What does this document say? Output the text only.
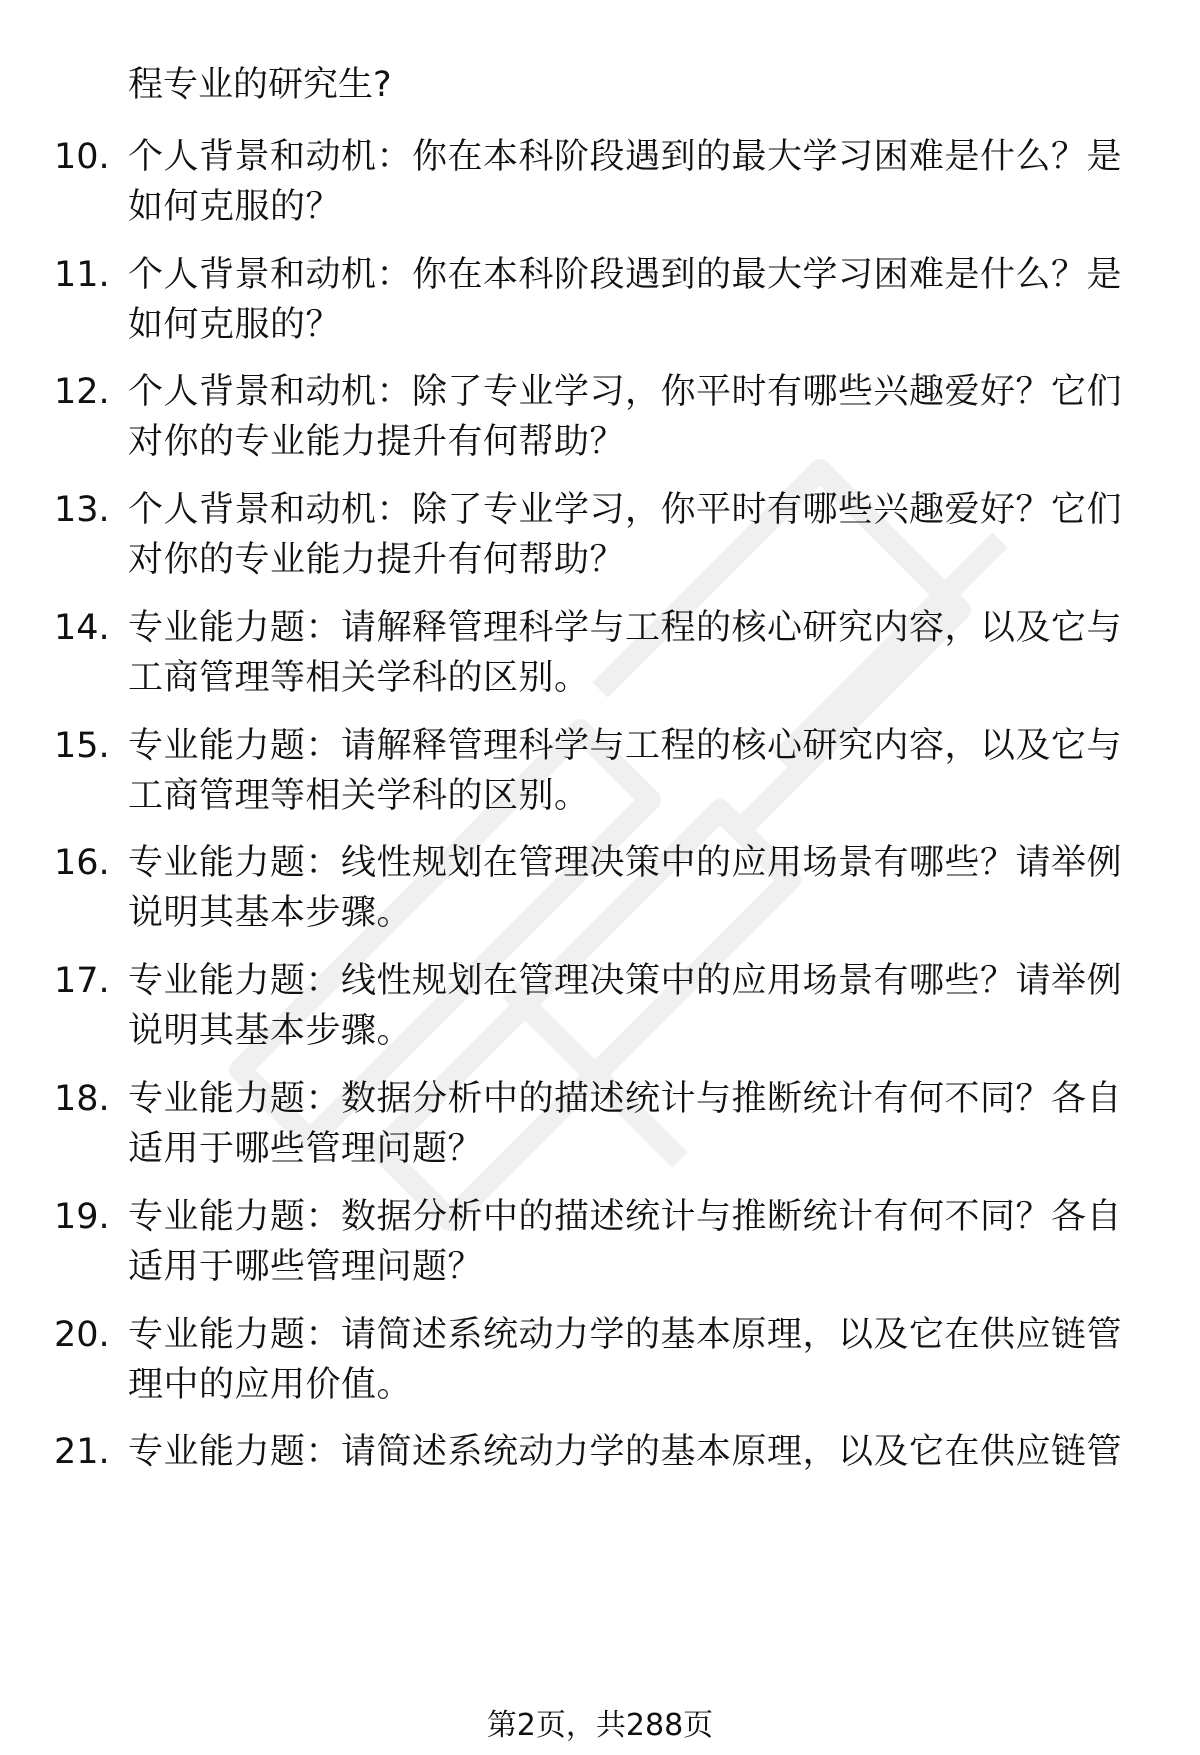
程专业的研究生?
10. 个人背景和动机：你在本科阶段遇到的最大学习困难是什么？是如何克服的？
11. 个人背景和动机：你在本科阶段遇到的最大学习困难是什么？是如何克服的？
12. 个人背景和动机：除了专业学习，你平时有哪些兴趣爱好？它们对你的专业能力提升有何帮助？
13. 个人背景和动机：除了专业学习，你平时有哪些兴趣爱好？它们对你的专业能力提升有何帮助？
14. 专业能力题：请解释管理科学与工程的核心研究内容，以及它与工商管理等相关学科的区别。
15. 专业能力题：请解释管理科学与工程的核心研究内容，以及它与工商管理等相关学科的区别。
16. 专业能力题：线性规划在管理决策中的应用场景有哪些？请举例说明其基本步骤。
17. 专业能力题：线性规划在管理决策中的应用场景有哪些？请举例说明其基本步骤。
18. 专业能力题：数据分析中的描述统计与推断统计有何不同？各自适用于哪些管理问题？
19. 专业能力题：数据分析中的描述统计与推断统计有何不同？各自适用于哪些管理问题？
20. 专业能力题：请简述系统动力学的基本原理，以及它在供应链管理中的应用价值。
21. 专业能力题：请简述系统动力学的基本原理，以及它在供应链管
第2页，共288页
